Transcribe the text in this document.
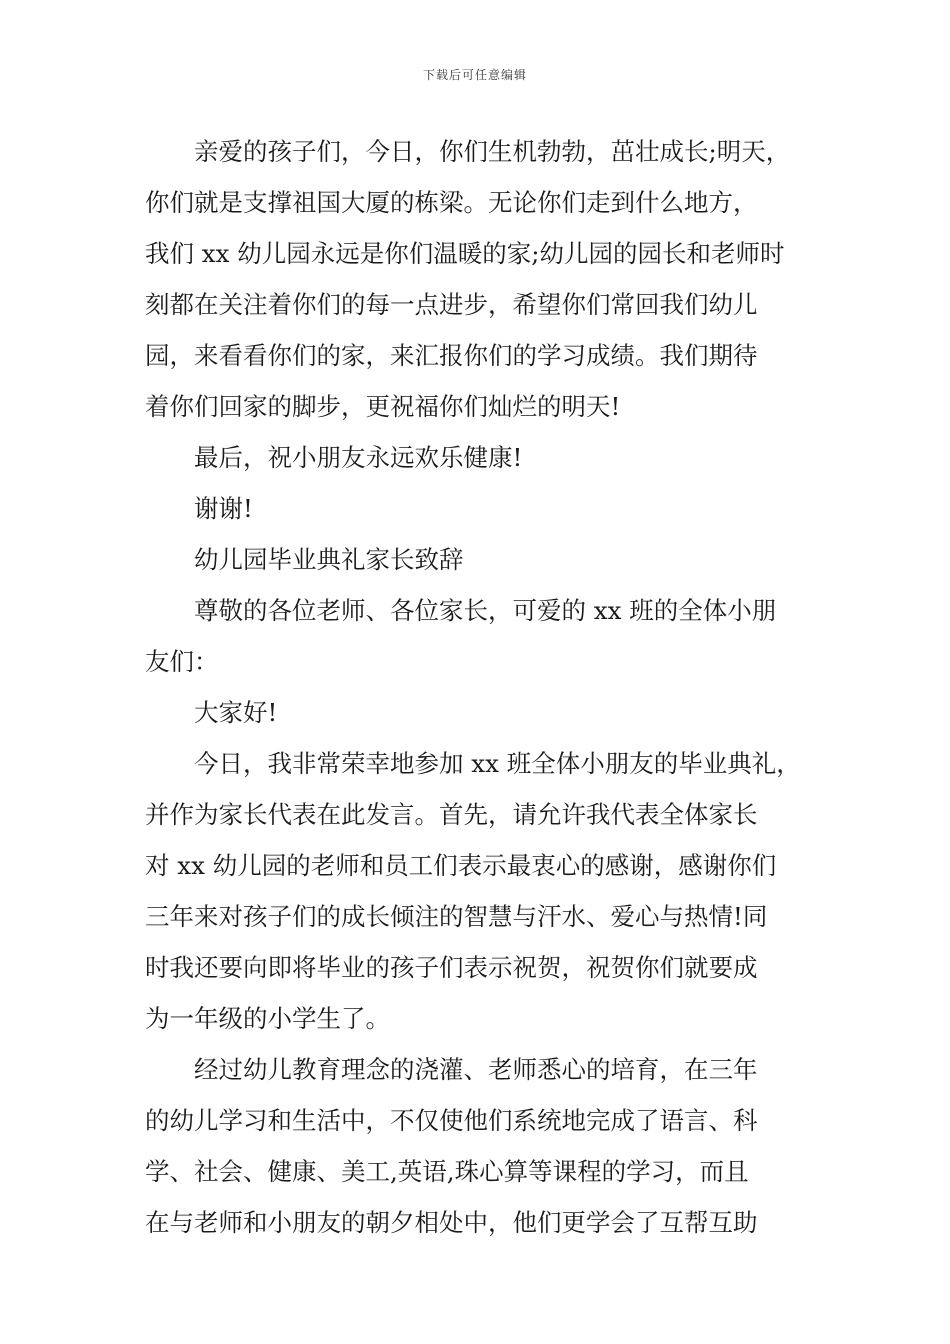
下载后可任意编辑
亲爱的孩子们，今日，你们生机勃勃，茁壮成长;明天，
你们就是支撑祖国大厦的栋梁。无论你们走到什么地方，
我们 xx 幼儿园永远是你们温暖的家;幼儿园的园长和老师时
刻都在关注着你们的每一点进步，希望你们常回我们幼儿
园，来看看你们的家，来汇报你们的学习成绩。我们期待
着你们回家的脚步，更祝福你们灿烂的明天!
最后，祝小朋友永远欢乐健康!
谢谢!
幼儿园毕业典礼家长致辞
尊敬的各位老师、各位家长，可爱的 xx 班的全体小朋
友们：
大家好!
今日，我非常荣幸地参加 xx 班全体小朋友的毕业典礼，
并作为家长代表在此发言。首先，请允许我代表全体家长
对 xx 幼儿园的老师和员工们表示最衷心的感谢，感谢你们
三年来对孩子们的成长倾注的智慧与汗水、爱心与热情!同
时我还要向即将毕业的孩子们表示祝贺，祝贺你们就要成
为一年级的小学生了。
经过幼儿教育理念的浇灌、老师悉心的培育，在三年
的幼儿学习和生活中，不仅使他们系统地完成了语言、科
学、社会、健康、美工,英语,珠心算等课程的学习，而且
在与老师和小朋友的朝夕相处中，他们更学会了互帮互助
